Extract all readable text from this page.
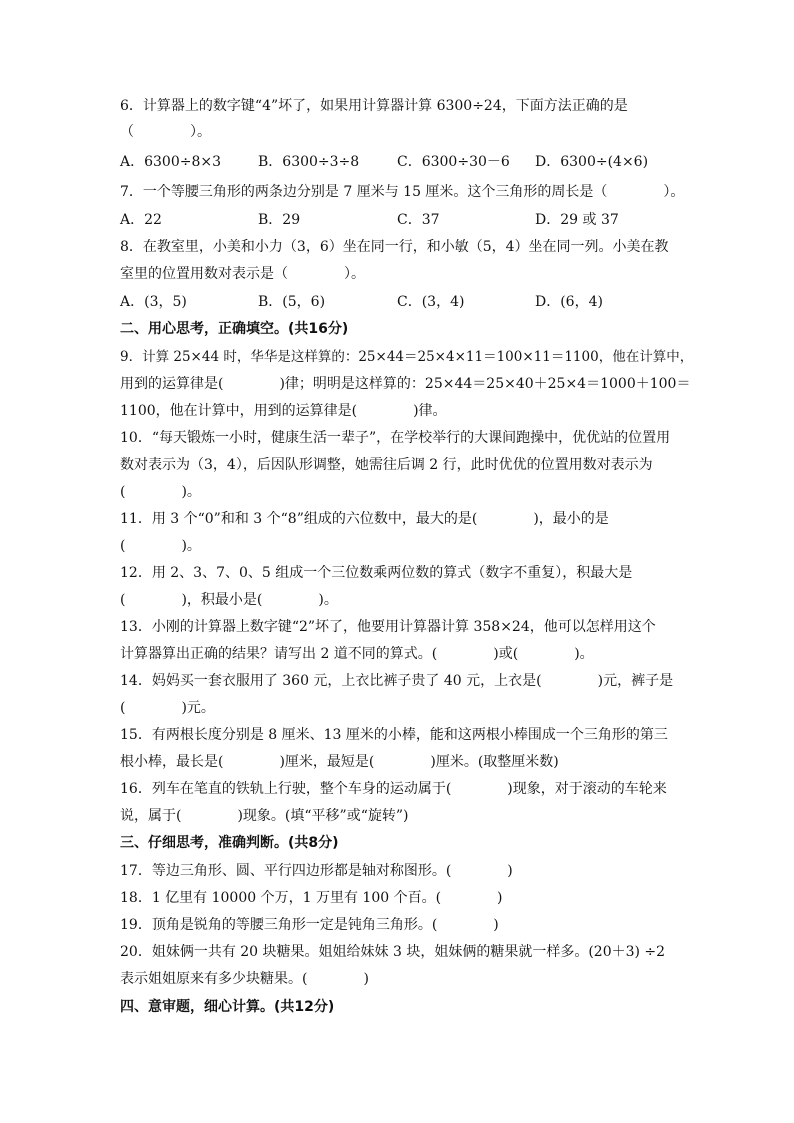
6．计算器上的数字键“4”坏了，如果用计算器计算 6300÷24，下面方法正确的是
（　　　　）。
A．6300÷8×3	B．6300÷3÷8	C．6300÷30－6 D．6300÷(4×6)
7．一个等腰三角形的两条边分别是 7 厘米与 15 厘米。这个三角形的周长是（　　　　）。
A．22	B．29	C．37	D．29 或 37
8．在教室里，小美和小力（3，6）坐在同一行，和小敏（5，4）坐在同一列。小美在教
室里的位置用数对表示是（　　　　）。
A．(3，5)	B．(5，6)	C．(3，4)	D．(6，4)
二、用心思考，正确填空。(共16分)
9．计算 25×44 时，华华是这样算的：25×44＝25×4×11＝100×11＝1100，他在计算中，
用到的运算律是(　　　　)律；明明是这样算的：25×44＝25×40＋25×4＝1000＋100＝
1100，他在计算中，用到的运算律是(　　　　)律。
10．“每天锻炼一小时，健康生活一辈子”，在学校举行的大课间跑操中，优优站的位置用
数对表示为（3，4），后因队形调整，她需往后调 2 行，此时优优的位置用数对表示为
(　　　　)。
11．用 3 个“0”和和 3 个“8”组成的六位数中，最大的是(　　　　)，最小的是
(　　　　)。
12．用 2、3、7、0、5 组成一个三位数乘两位数的算式（数字不重复），积最大是
(　　　　)，积最小是(　　　　)。
13．小刚的计算器上数字键“2”坏了，他要用计算器计算 358×24，他可以怎样用这个
计算器算出正确的结果？请写出 2 道不同的算式。(　　　　)或(　　　　)。
14．妈妈买一套衣服用了 360 元，上衣比裤子贵了 40 元，上衣是(　　　　)元，裤子是
(　　　　)元。
15．有两根长度分别是 8 厘米、13 厘米的小棒，能和这两根小棒围成一个三角形的第三
根小棒，最长是(　　　　)厘米，最短是(　　　　)厘米。(取整厘米数)
16．列车在笔直的铁轨上行驶，整个车身的运动属于(　　　　)现象，对于滚动的车轮来
说，属于(　　　　)现象。(填“平移”或“旋转”)
三、仔细思考，准确判断。(共8分)
17．等边三角形、圆、平行四边形都是轴对称图形。(　　　　)
18．1 亿里有 10000 个万，1 万里有 100 个百。(　　　　)
19．顶角是锐角的等腰三角形一定是钝角三角形。(　　　　)
20．姐妹俩一共有 20 块糖果。姐姐给妹妹 3 块，姐妹俩的糖果就一样多。(20＋3) ÷2
表示姐姐原来有多少块糖果。(　　　　)
四、意审题，细心计算。(共12分)
